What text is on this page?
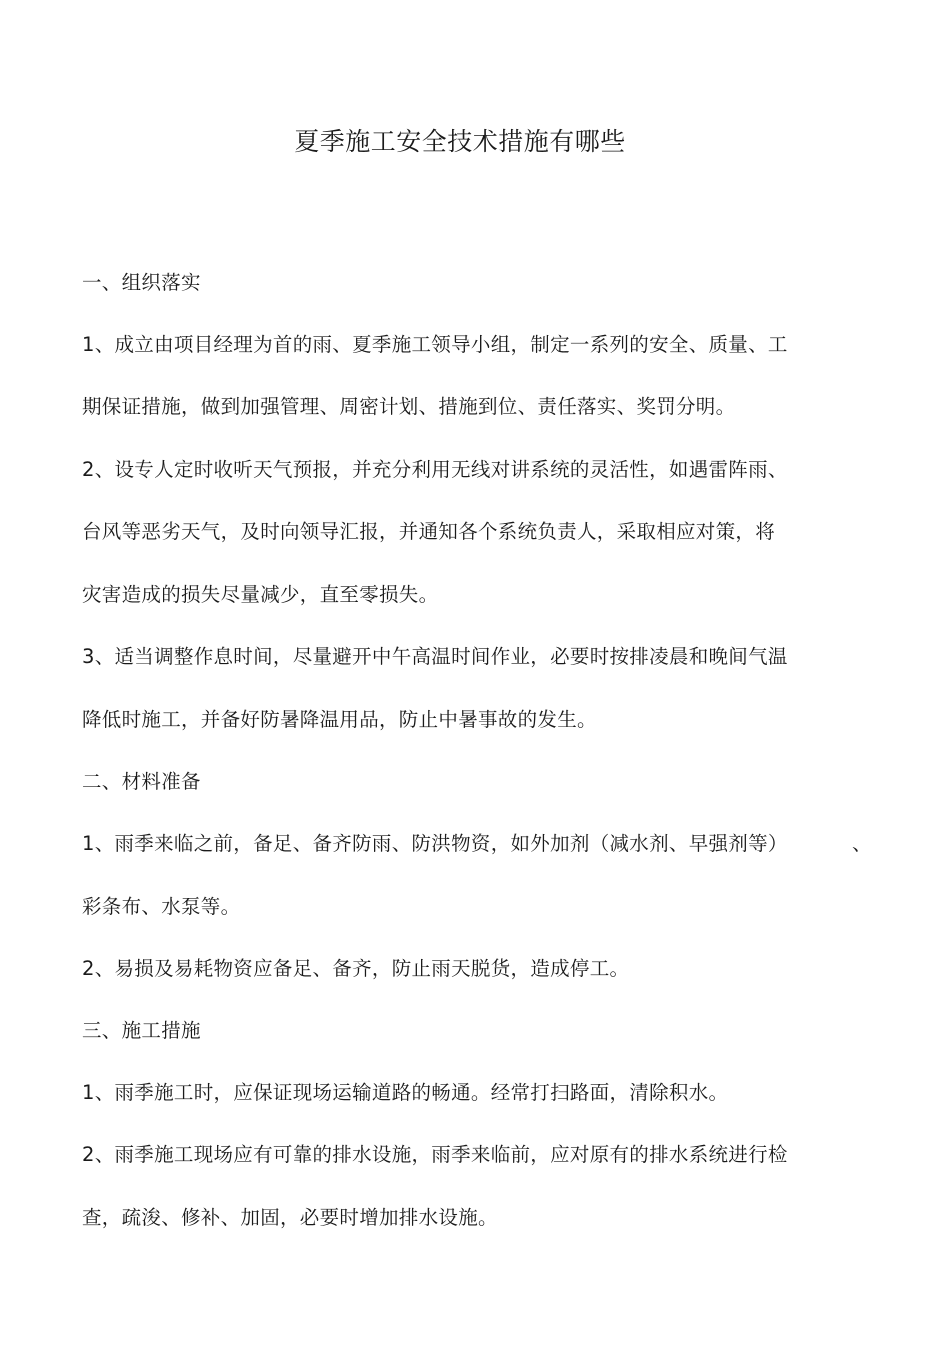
夏季施工安全技术措施有哪些
一、组织落实
1、成立由项目经理为首的雨、夏季施工领导小组，制定一系列的安全、质量、工
期保证措施，做到加强管理、周密计划、措施到位、责任落实、奖罚分明。
2、设专人定时收听天气预报，并充分利用无线对讲系统的灵活性，如遇雷阵雨、
台风等恶劣天气，及时向领导汇报，并通知各个系统负责人，采取相应对策，将
灾害造成的损失尽量减少，直至零损失。
3、适当调整作息时间，尽量避开中午高温时间作业，必要时按排凌晨和晚间气温
降低时施工，并备好防暑降温用品，防止中暑事故的发生。
二、材料准备
1、雨季来临之前，备足、备齐防雨、防洪物资，如外加剂（减水剂、早强剂等）	、
彩条布、水泵等。
2、易损及易耗物资应备足、备齐，防止雨天脱货，造成停工。
三、施工措施
1、雨季施工时，应保证现场运输道路的畅通。经常打扫路面，清除积水。
2、雨季施工现场应有可靠的排水设施，雨季来临前，应对原有的排水系统进行检
查，疏浚、修补、加固，必要时增加排水设施。
